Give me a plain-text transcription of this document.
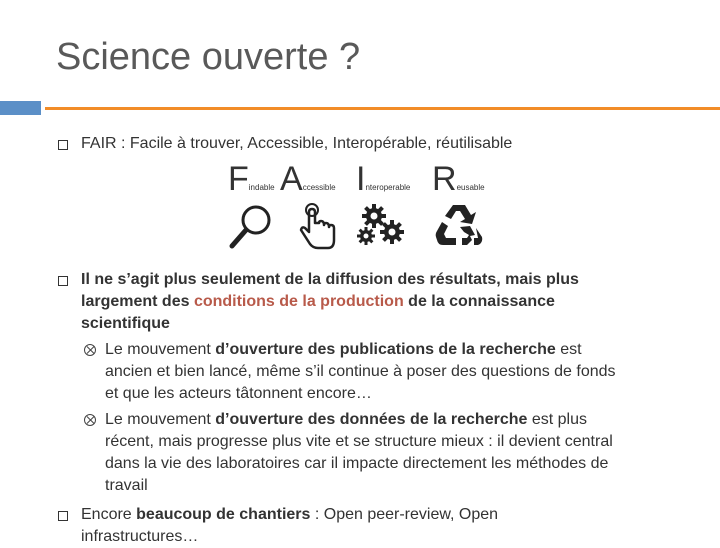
Science ouverte ?
FAIR : Facile à trouver, Accessible, Interopérable, réutilisable
Findable Accessible Interoperable Reusable
Il ne s’agit plus seulement de la diffusion des résultats, mais plus
largement des conditions de la production de la connaissance
scientifique
Le mouvement d’ouverture des publications de la recherche est
ancien et bien lancé, même s’il continue à poser des questions de fonds
et que les acteurs tâtonnent encore…
Le mouvement d’ouverture des données de la recherche est plus
récent, mais progresse plus vite et se structure mieux : il devient central
dans la vie des laboratoires car il impacte directement les méthodes de
travail
Encore beaucoup de chantiers : Open peer-review, Open
infrastructures…
